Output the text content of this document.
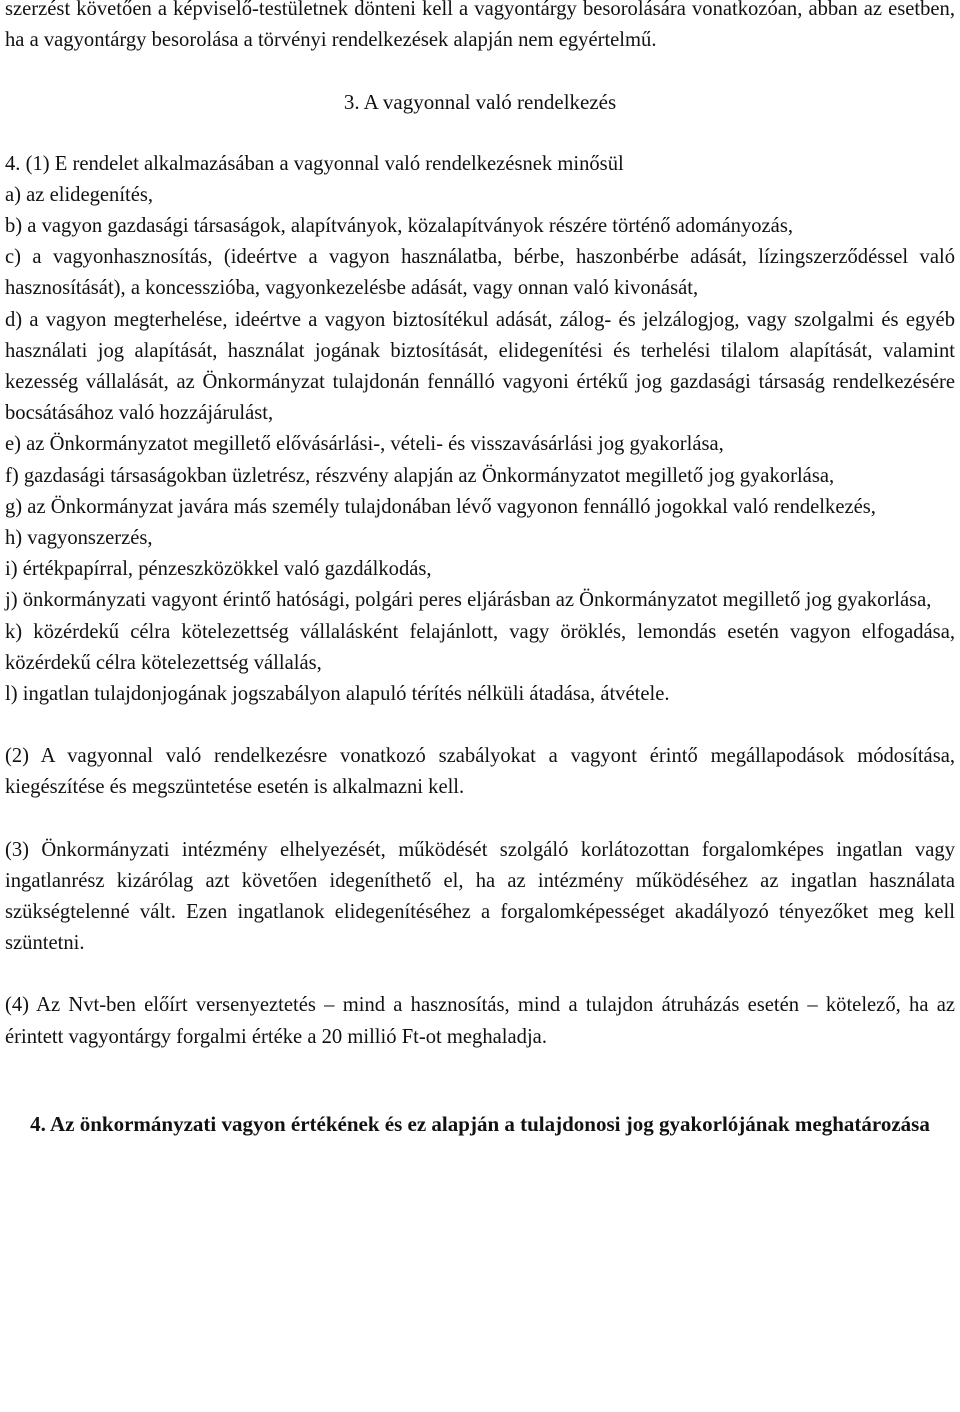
szerzést követően a képviselő-testületnek dönteni kell a vagyontárgy besorolására vonatkozóan, abban az esetben, ha a vagyontárgy besorolása a törvényi rendelkezések alapján nem egyértelmű.

3. A vagyonnal való rendelkezés

4. (1) E rendelet alkalmazásában a vagyonnal való rendelkezésnek minősül

a) az elidegenítés,

b) a vagyon gazdasági társaságok, alapítványok, közalapítványok részére történő adományozás,

c) a vagyonhasznosítás, (ideértve a vagyon használatba, bérbe, haszonbérbe adását, lízingszerződéssel való hasznosítását), a koncesszióba, vagyonkezelésbe adását, vagy onnan való kivonását,

d) a vagyon megterhelése, ideértve a vagyon biztosítékul adását, zálog- és jelzálogjog, vagy szolgalmi és egyéb használati jog alapítását, használat jogának biztosítását, elidegenítési és terhelési tilalom alapítását, valamint kezesség vállalását, az Önkormányzat tulajdonán fennálló vagyoni értékű jog gazdasági társaság rendelkezésére bocsátásához való hozzájárulást,

e) az Önkormányzatot megillető elővásárlási-, vételi- és visszavásárlási jog gyakorlása,

f) gazdasági társaságokban üzletrész, részvény alapján az Önkormányzatot megillető jog gyakorlása,

g) az Önkormányzat javára más személy tulajdonában lévő vagyonon fennálló jogokkal való rendelkezés,

h) vagyonszerzés,

i) értékpapírral, pénzeszközökkel való gazdálkodás,

j) önkormányzati vagyont érintő hatósági, polgári peres eljárásban az Önkormányzatot megillető jog gyakorlása,

k) közérdekű célra kötelezettség vállalásként felajánlott, vagy öröklés, lemondás esetén vagyon elfogadása, közérdekű célra kötelezettség vállalás,

l) ingatlan tulajdonjogának jogszabályon alapuló térítés nélküli átadása, átvétele.

(2) A vagyonnal való rendelkezésre vonatkozó szabályokat a vagyont érintő megállapodások módosítása, kiegészítése és megszüntetése esetén is alkalmazni kell.

(3) Önkormányzati intézmény elhelyezését, működését szolgáló korlátozottan forgalomképes ingatlan vagy ingatlanrész kizárólag azt követően idegeníthető el, ha az intézmény működéséhez az ingatlan használata szükségtelenné vált. Ezen ingatlanok elidegenítéséhez a forgalomképességet akadályozó tényezőket meg kell szüntetni.

(4) Az Nvt-ben előírt versenyeztetés – mind a hasznosítás, mind a tulajdon átruházás esetén – kötelező, ha az érintett vagyontárgy forgalmi értéke a 20 millió Ft-ot meghaladja.

4. Az önkormányzati vagyon értékének és ez alapján a tulajdonosi jog gyakorlójának meghatározása
